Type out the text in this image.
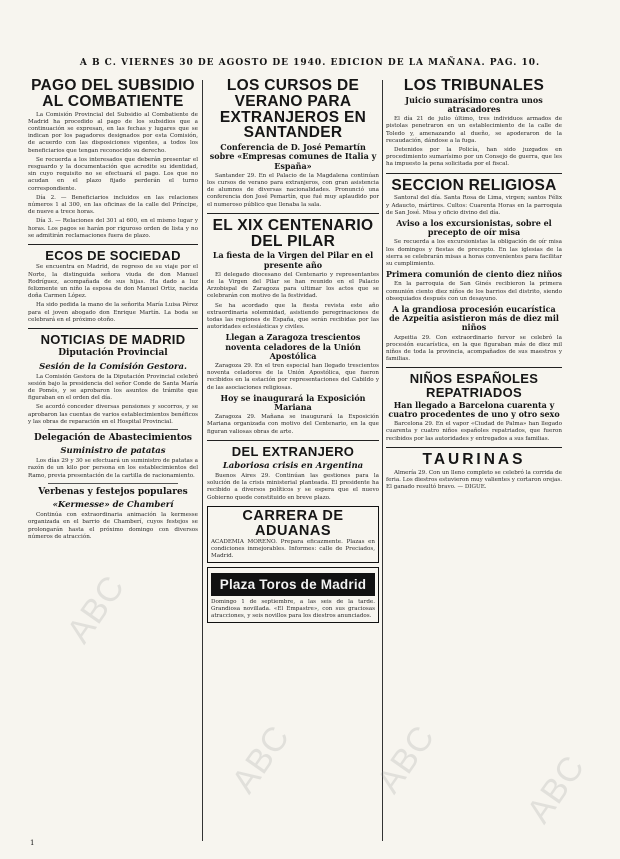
A B C. VIERNES 30 DE AGOSTO DE 1940. EDICION DE LA MAÑANA. PAG. 10.
PAGO DEL SUBSIDIO AL COMBATIENTE

La Comisión Provincial del Subsidio al Combatiente de Madrid ha procedido al pago de los subsidios que a continuación se expresan, en las fechas y lugares que se indican por los pagadores designados por esta Comisión, de acuerdo con las disposiciones vigentes, a todos los beneficiarios que tengan reconocido su derecho.

Se recuerda a los interesados que deberán presentar el resguardo y la documentación que acredite su identidad, sin cuyo requisito no se efectuará el pago. Los que no acudan en el plazo fijado perderán el turno correspondiente.

Día 2. — Beneficiarios incluidos en las relaciones números 1 al 300, en las oficinas de la calle del Príncipe, de nueve a trece horas.

Día 3. — Relaciones del 301 al 600, en el mismo lugar y horas. Los pagos se harán por riguroso orden de lista y no se admitirán reclamaciones fuera de plazo.

ECOS DE SOCIEDAD

Se encuentra en Madrid, de regreso de su viaje por el Norte, la distinguida señora viuda de don Manuel Rodríguez, acompañada de sus hijas. Ha dado a luz felizmente un niño la esposa de don Manuel Ortiz, nacida doña Carmen López.

Ha sido pedida la mano de la señorita María Luisa Pérez para el joven abogado don Enrique Martín. La boda se celebrará en el próximo otoño.

NOTICIAS DE MADRID
Diputación Provincial
Sesión de la Comisión Gestora.

La Comisión Gestora de la Diputación Provincial celebró sesión bajo la presidencia del señor Conde de Santa María de Pomés, y se aprobaron los asuntos de trámite que figuraban en el orden del día.

Se acordó conceder diversas pensiones y socorros, y se aprobaron las cuentas de varios establecimientos benéficos y las obras de reparación en el Hospital Provincial.

Delegación de Abastecimientos
Suministro de patatas

Los días 29 y 30 se efectuará un suministro de patatas a razón de un kilo por persona en los establecimientos del Ramo, previa presentación de la cartilla de racionamiento.

Verbenas y festejos populares
«Kermesse» de Chamberí

Continúa con extraordinaria animación la kermesse organizada en el barrio de Chamberí, cuyos festejos se prolongarán hasta el próximo domingo con diversos números de atracción.

LOS CURSOS DE VERANO PARA EXTRANJEROS EN SANTANDER
Conferencia de D. José Pemartín sobre «Empresas comunes de Italia y España»

Santander 29. En el Palacio de la Magdalena continúan los cursos de verano para extranjeros, con gran asistencia de alumnos de diversas nacionalidades. Pronunció una conferencia don José Pemartín, que fué muy aplaudido por el numeroso público que llenaba la sala.

EL XIX CENTENARIO DEL PILAR
La fiesta de la Virgen del Pilar en el presente año

El delegado diocesano del Centenario y representantes de la Virgen del Pilar se han reunido en el Palacio Arzobispal de Zaragoza para ultimar los actos que se celebrarán con motivo de la festividad.

Se ha acordado que la fiesta revista este año extraordinaria solemnidad, asistiendo peregrinaciones de todas las regiones de España, que serán recibidas por las autoridades eclesiásticas y civiles.

Llegan a Zaragoza trescientos noventa celadores de la Unión Apostólica

Zaragoza 29. En el tren especial han llegado trescientos noventa celadores de la Unión Apostólica, que fueron recibidos en la estación por representaciones del Cabildo y de las asociaciones religiosas.

Hoy se inaugurará la Exposición Mariana

Zaragoza 29. Mañana se inaugurará la Exposición Mariana organizada con motivo del Centenario, en la que figuran valiosas obras de arte.

DEL EXTRANJERO
Laboriosa crisis en Argentina

Buenos Aires 29. Continúan las gestiones para la solución de la crisis ministerial planteada. El presidente ha recibido a diversos políticos y se espera que el nuevo Gobierno quede constituido en breve plazo.

CARRERA DE ADUANAS
ACADEMIA MORENO. Prepara eficazmente. Plazas en condiciones inmejorables. Informes: calle de Preciados, Madrid.
Plaza Toros de Madrid
Domingo 1 de septiembre, a las seis de la tarde. Grandiosa novillada. «El Empastre», con sus graciosas atracciones, y seis novillos para los diestros anunciados.
LOS TRIBUNALES
Juicio sumarísimo contra unos atracadores

El día 21 de julio último, tres individuos armados de pistolas penetraron en un establecimiento de la calle de Toledo y, amenazando al dueño, se apoderaron de la recaudación, dándose a la fuga.

Detenidos por la Policía, han sido juzgados en procedimiento sumarísimo por un Consejo de guerra, que les ha impuesto la pena solicitada por el fiscal.

SECCION RELIGIOSA

Santoral del día. Santa Rosa de Lima, virgen; santos Félix y Adaucto, mártires. Cultos: Cuarenta Horas en la parroquia de San José. Misa y oficio divino del día.

Aviso a los excursionistas, sobre el precepto de oír misa

Se recuerda a los excursionistas la obligación de oír misa los domingos y fiestas de precepto. En las iglesias de la sierra se celebrarán misas a horas convenientes para facilitar su cumplimiento.

Primera comunión de ciento diez niños

En la parroquia de San Ginés recibieron la primera comunión ciento diez niños de los barrios del distrito, siendo obsequiados después con un desayuno.

A la grandiosa procesión eucarística de Azpeitia asistieron más de diez mil niños

Azpeitia 29. Con extraordinario fervor se celebró la procesión eucarística, en la que figuraban más de diez mil niños de toda la provincia, acompañados de sus maestros y familias.

NIÑOS ESPAÑOLES REPATRIADOS
Han llegado a Barcelona cuarenta y cuatro procedentes de uno y otro sexo

Barcelona 29. En el vapor «Ciudad de Palma» han llegado cuarenta y cuatro niños españoles repatriados, que fueron recibidos por las autoridades y entregados a sus familias.

TAURINAS

Almería 29. Con un lleno completo se celebró la corrida de feria. Los diestros estuvieron muy valientes y cortaron orejas. El ganado resultó bravo. — DIGUE.

ABC
ABC ABC ABC
1
